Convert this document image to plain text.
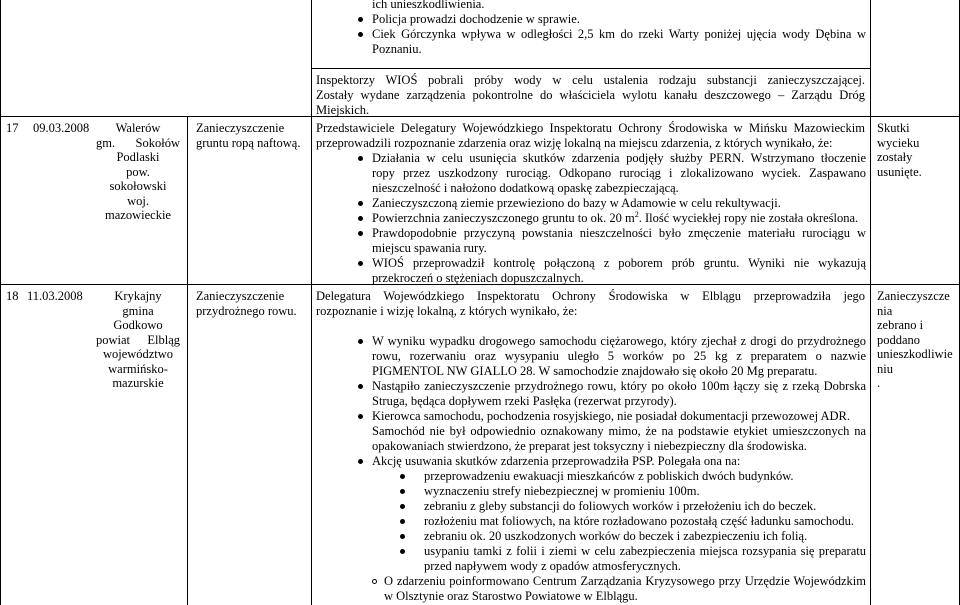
ich unieszkodliwienia.
Policja prowadzi dochodzenie w sprawie.
Ciek Górczynka wpływa w odległości 2,5 km do rzeki Warty poniżej ujęcia wody Dębina w
Poznaniu.
Inspektorzy WIOŚ pobrali próby wody w celu ustalenia rodzaju substancji zanieczyszczającej.
Zostały wydane zarządzenia pokontrolne do właściciela wylotu kanału deszczowego – Zarządu Dróg
Miejskich.
17 09.03.2008	Walerów
gm. Sokołów
Podlaski
pow.
sokołowski
woj.
mazowieckie
Zanieczyszczenie
gruntu ropą naftową.
Przedstawiciele Delegatury Wojewódzkiego Inspektoratu Ochrony Środowiska w Mińsku Mazowieckim
przeprowadzili rozpoznanie zdarzenia oraz wizję lokalną na miejscu zdarzenia, z których wynikało, że:
Działania w celu usunięcia skutków zdarzenia podjęły służby PERN. Wstrzymano tłoczenie
ropy przez uszkodzony rurociąg. Odkopano rurociąg i zlokalizowano wyciek. Zaspawano
nieszczelność i nałożono dodatkową opaskę zabezpieczającą.
Zanieczyszczoną ziemie przewieziono do bazy w Adamowie w celu rekultywacji.
Powierzchnia zanieczyszczonego gruntu to ok. 20 $m^2$. Ilość wyciekłej ropy nie została określona.
Prawdopodobnie przyczyną powstania nieszczelności było zmęczenie materiału rurociągu w
miejscu spawania rury.
WIOŚ przeprowadził kontrolę połączoną z poborem prób gruntu. Wyniki nie wykazują
przekroczeń o stężeniach dopuszczalnych.
Skutki
wycieku
zostały
usunięte.
18 11.03.2008	Krykajny
gmina
Godkowo
powiat Elbląg
województwo
warmińsko-
mazurskie
Zanieczyszczenie
przydrożnego rowu.
Delegatura Wojewódzkiego Inspektoratu Ochrony Środowiska w Elblągu przeprowadziła jego
rozpoznanie i wizję lokalną, z których wynikało, że:
W wyniku wypadku drogowego samochodu ciężarowego, który zjechał z drogi do przydrożnego
rowu, rozerwaniu oraz wysypaniu uległo 5 worków po 25 kg z preparatem o nazwie
PIGMENTOL NW GIALLO 28. W samochodzie znajdowało się około 20 Mg preparatu.
Nastąpiło zanieczyszczenie przydrożnego rowu, który po około 100m łączy się z rzeką Dobrska
Struga, będąca dopływem rzeki Pasłęka (rezerwat przyrody).
Kierowca samochodu, pochodzenia rosyjskiego, nie posiadał dokumentacji przewozowej ADR.
Samochód nie był odpowiednio oznakowany mimo, że na podstawie etykiet umieszczonych na
opakowaniach stwierdzono, że preparat jest toksyczny i niebezpieczny dla środowiska.
Akcję usuwania skutków zdarzenia przeprowadziła PSP. Polegała ona na:
przeprowadzeniu ewakuacji mieszkańców z pobliskich dwóch budynków.
wyznaczeniu strefy niebezpiecznej w promieniu 100m.
zebraniu z gleby substancji do foliowych worków i przełożeniu ich do beczek.
rozłożeniu mat foliowych, na które rozładowano pozostałą część ładunku samochodu.
zebraniu ok. 20 uszkodzonych worków do beczek i zabezpieczeniu ich folią.
usypaniu tamki z folii i ziemi w celu zabezpieczenia miejsca rozsypania się preparatu
przed napływem wody z opadów atmosferycznych.
O zdarzeniu poinformowano Centrum Zarządzania Kryzysowego przy Urzędzie Wojewódzkim
w Olsztynie oraz Starostwo Powiatowe w Elblągu.
Zanieczyszcze
nia
zebrano i
poddano
unieszkodliwie
niu
.
